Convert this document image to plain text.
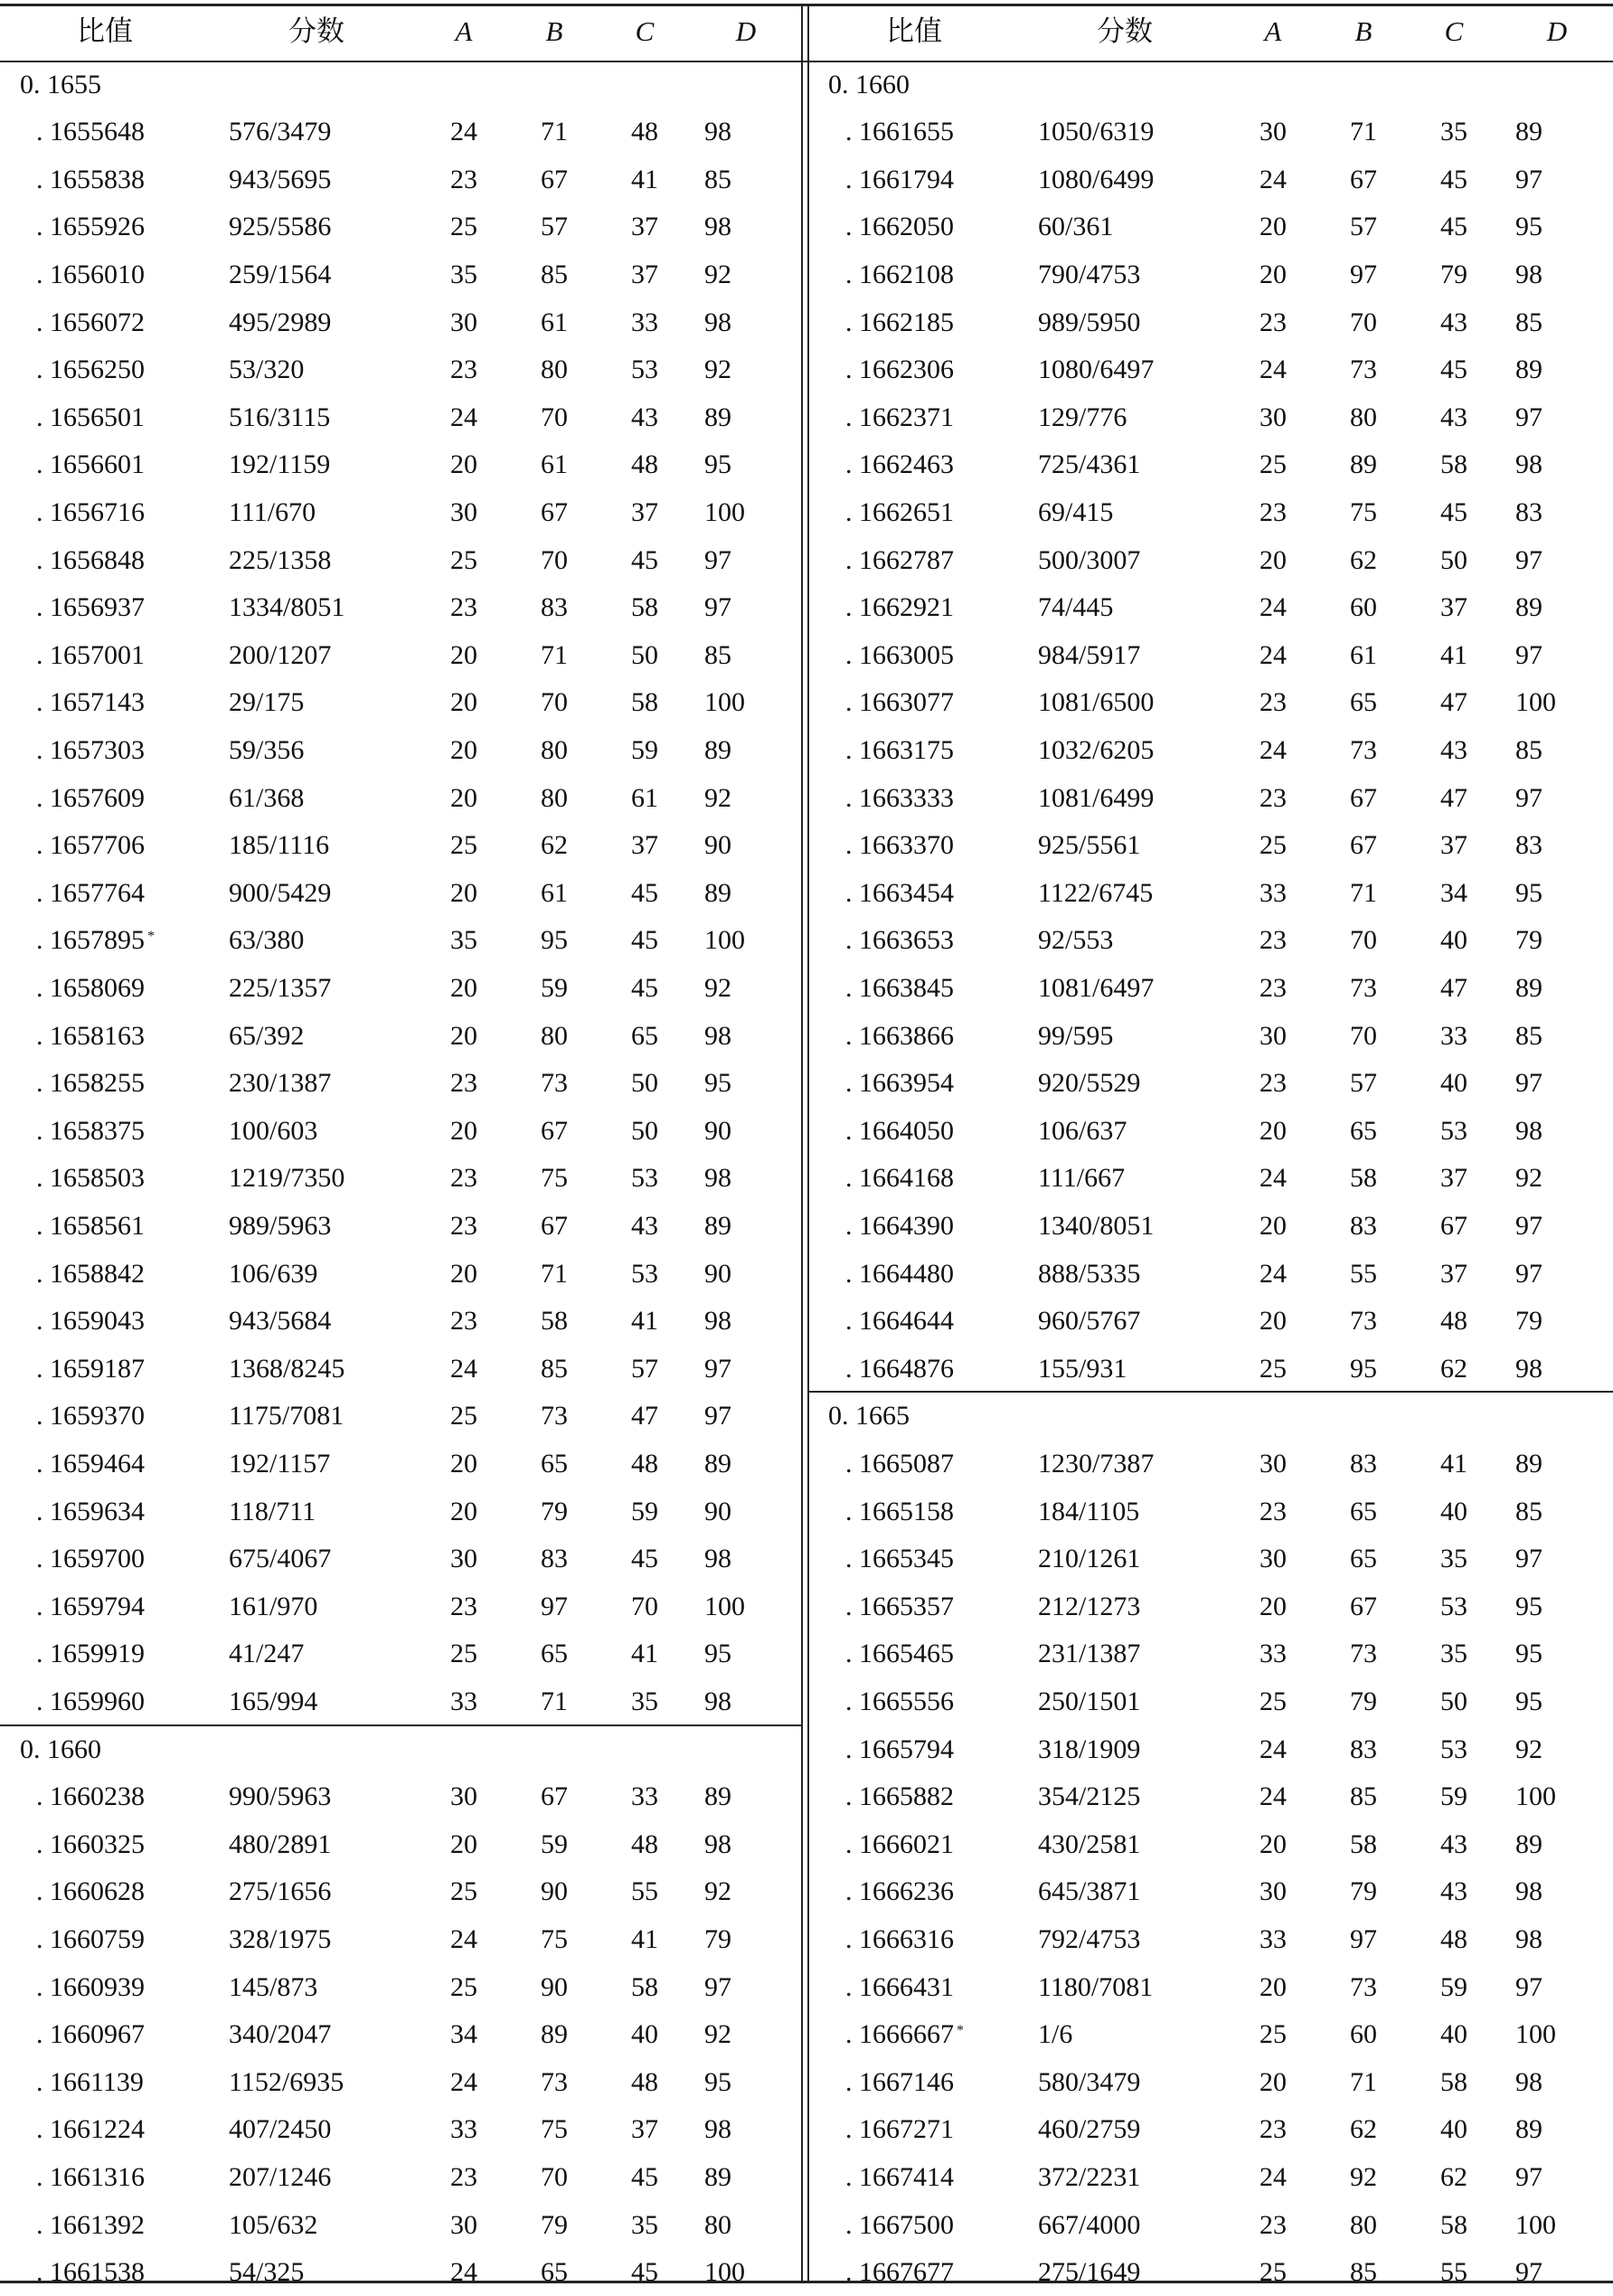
比值	分数	A	B	C	D
0. 1655
. 1655648	576/3479	24	71	48	98
. 1655838	943/5695	23	67	41	85
. 1655926	925/5586	25	57	37	98
. 1656010	259/1564	35	85	37	92
. 1656072	495/2989	30	61	33	98
. 1656250	53/320	23	80	53	92
. 1656501	516/3115	24	70	43	89
. 1656601	192/1159	20	61	48	95
. 1656716	111/670	30	67	37	100
. 1656848	225/1358	25	70	45	97
. 1656937	1334/8051	23	83	58	97
. 1657001	200/1207	20	71	50	85
. 1657143	29/175	20	70	58	100
. 1657303	59/356	20	80	59	89
. 1657609	61/368	20	80	61	92
. 1657706	185/1116	25	62	37	90
. 1657764	900/5429	20	61	45	89
. 1657895 *	63/380	35	95	45	100
. 1658069	225/1357	20	59	45	92
. 1658163	65/392	20	80	65	98
. 1658255	230/1387	23	73	50	95
. 1658375	100/603	20	67	50	90
. 1658503	1219/7350	23	75	53	98
. 1658561	989/5963	23	67	43	89
. 1658842	106/639	20	71	53	90
. 1659043	943/5684	23	58	41	98
. 1659187	1368/8245	24	85	57	97
. 1659370	1175/7081	25	73	47	97
. 1659464	192/1157	20	65	48	89
. 1659634	118/711	20	79	59	90
. 1659700	675/4067	30	83	45	98
. 1659794	161/970	23	97	70	100
. 1659919	41/247	25	65	41	95
. 1659960	165/994	33	71	35	98
0. 1660
. 1660238	990/5963	30	67	33	89
. 1660325	480/2891	20	59	48	98
. 1660628	275/1656	25	90	55	92
. 1660759	328/1975	24	75	41	79
. 1660939	145/873	25	90	58	97
. 1660967	340/2047	34	89	40	92
. 1661139	1152/6935	24	73	48	95
. 1661224	407/2450	33	75	37	98
. 1661316	207/1246	23	70	45	89
. 1661392	105/632	30	79	35	80
. 1661538	54/325	24	65	45	100
比值	分数	A	B	C	D
0. 1660
. 1661655	1050/6319	30	71	35	89
. 1661794	1080/6499	24	67	45	97
. 1662050	60/361	20	57	45	95
. 1662108	790/4753	20	97	79	98
. 1662185	989/5950	23	70	43	85
. 1662306	1080/6497	24	73	45	89
. 1662371	129/776	30	80	43	97
. 1662463	725/4361	25	89	58	98
. 1662651	69/415	23	75	45	83
. 1662787	500/3007	20	62	50	97
. 1662921	74/445	24	60	37	89
. 1663005	984/5917	24	61	41	97
. 1663077	1081/6500	23	65	47	100
. 1663175	1032/6205	24	73	43	85
. 1663333	1081/6499	23	67	47	97
. 1663370	925/5561	25	67	37	83
. 1663454	1122/6745	33	71	34	95
. 1663653	92/553	23	70	40	79
. 1663845	1081/6497	23	73	47	89
. 1663866	99/595	30	70	33	85
. 1663954	920/5529	23	57	40	97
. 1664050	106/637	20	65	53	98
. 1664168	111/667	24	58	37	92
. 1664390	1340/8051	20	83	67	97
. 1664480	888/5335	24	55	37	97
. 1664644	960/5767	20	73	48	79
. 1664876	155/931	25	95	62	98
0. 1665
. 1665087	1230/7387	30	83	41	89
. 1665158	184/1105	23	65	40	85
. 1665345	210/1261	30	65	35	97
. 1665357	212/1273	20	67	53	95
. 1665465	231/1387	33	73	35	95
. 1665556	250/1501	25	79	50	95
. 1665794	318/1909	24	83	53	92
. 1665882	354/2125	24	85	59	100
. 1666021	430/2581	20	58	43	89
. 1666236	645/3871	30	79	43	98
. 1666316	792/4753	33	97	48	98
. 1666431	1180/7081	20	73	59	97
. 1666667 *	1/6	25	60	40	100
. 1667146	580/3479	20	71	58	98
. 1667271	460/2759	23	62	40	89
. 1667414	372/2231	24	92	62	97
. 1667500	667/4000	23	80	58	100
. 1667677	275/1649	25	85	55	97
